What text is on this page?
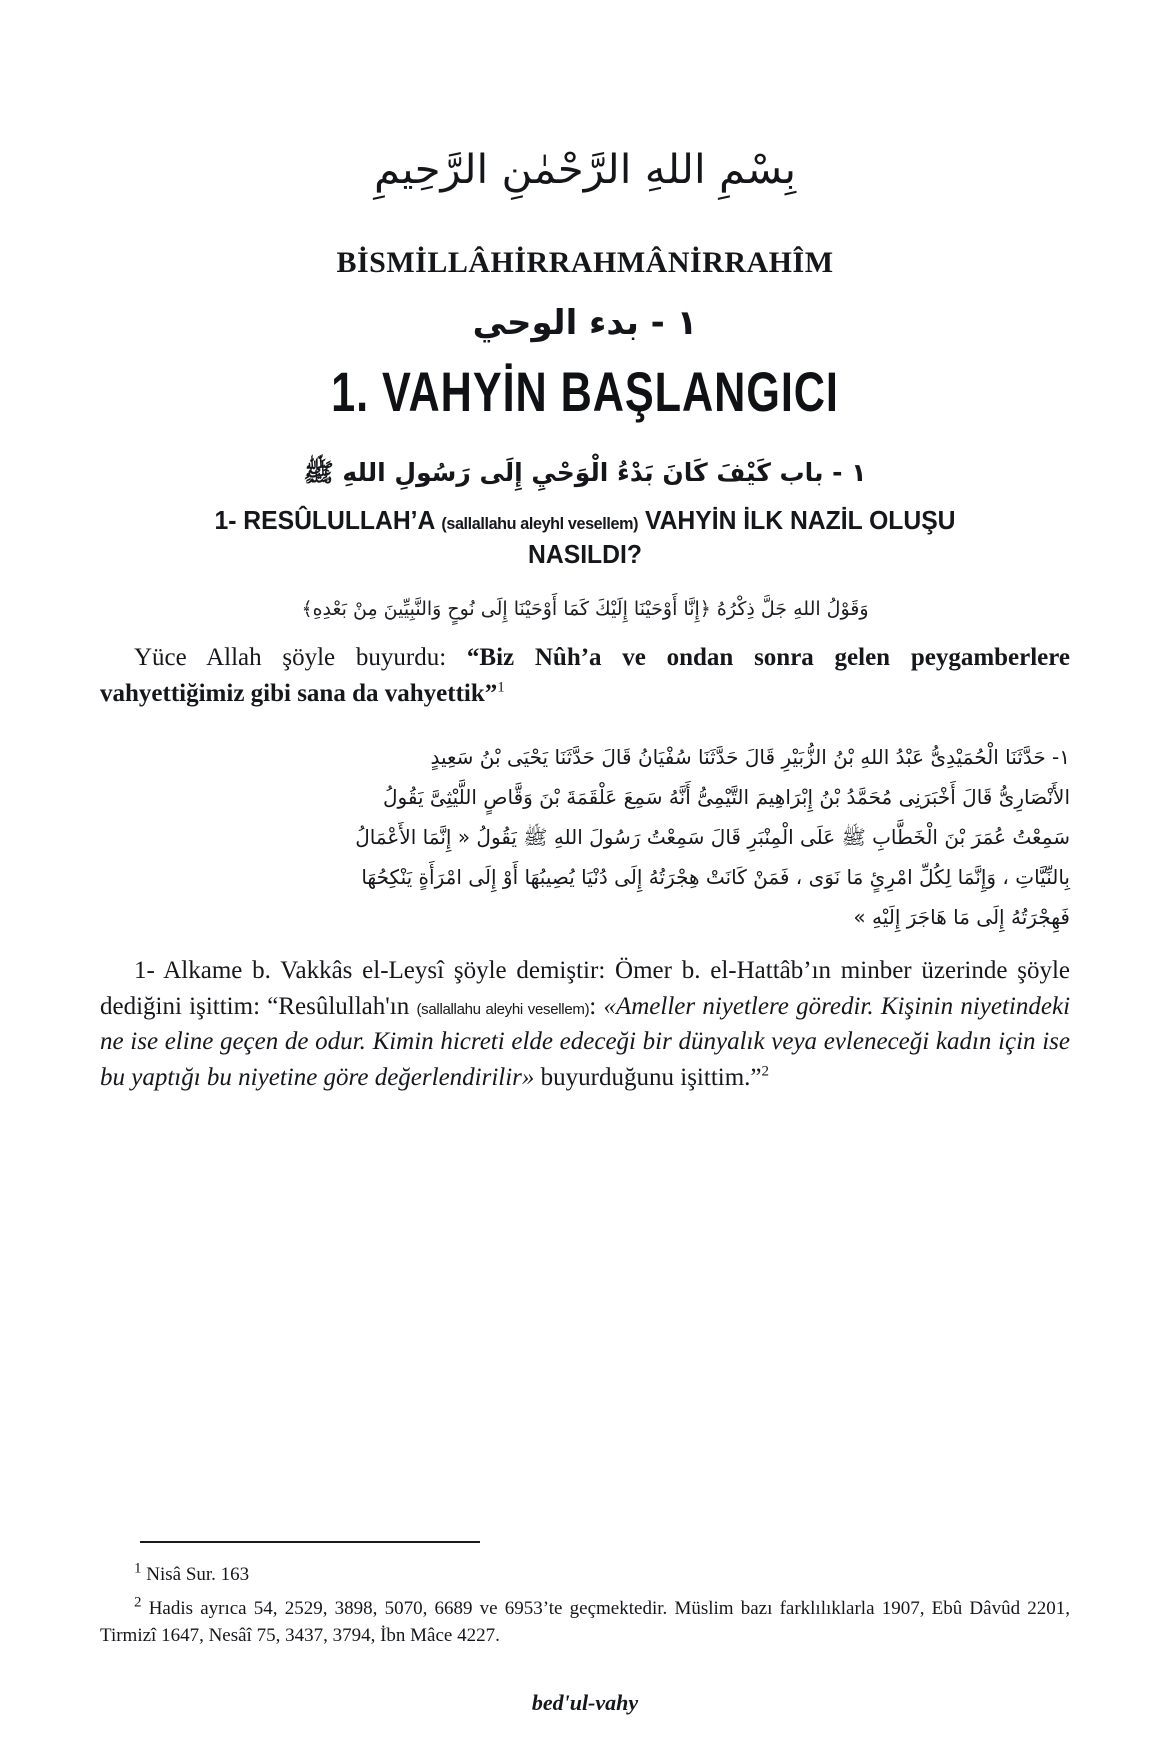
بِسْمِ اللهِ الرَّحْمٰنِ الرَّحِيمِ
BİSMİLLÂHİRRAHMÂNİRRAHÎM
١ - بدء الوحي
1. VAHYİN BAŞLANGICI
١ - باب كَيْفَ كَانَ بَدْءُ الْوَحْيِ إِلَى رَسُولِ اللهِ ﷺ
1- RESÛLULLAH’A (sallallahu aleyhl vesellem) VAHYİN İLK NAZİL OLUŞU
NASILDI?
وَقَوْلُ اللهِ جَلَّ ذِكْرُهُ ﴿إِنَّا أَوْحَيْنَا إِلَيْكَ كَمَا أَوْحَيْنَا إِلَى نُوحٍ وَالنَّبِيِّينَ مِنْ بَعْدِهِ﴾

Yüce Allah şöyle buyurdu: “Biz Nûh’a ve ondan sonra gelen peygamberlere vahyettiğimiz gibi sana da vahyettik”$^1$

١- حَدَّثَنَا الْحُمَيْدِىُّ عَبْدُ اللهِ بْنُ الزُّبَيْرِ قَالَ حَدَّثَنَا سُفْيَانُ قَالَ حَدَّثَنَا يَحْيَى بْنُ سَعِيدٍ
الأَنْصَارِىُّ قَالَ أَخْبَرَنِى مُحَمَّدُ بْنُ إِبْرَاهِيمَ التَّيْمِىُّ أَنَّهُ سَمِعَ عَلْقَمَةَ بْنَ وَقَّاصٍ اللَّيْثِىَّ يَقُولُ
سَمِعْتُ عُمَرَ بْنَ الْخَطَّابِ ﷺ عَلَى الْمِنْبَرِ قَالَ سَمِعْتُ رَسُولَ اللهِ ﷺ يَقُولُ « إِنَّمَا الأَعْمَالُ
بِالنِّيَّاتِ ، وَإِنَّمَا لِكُلِّ امْرِئٍ مَا نَوَى ، فَمَنْ كَانَتْ هِجْرَتُهُ إِلَى دُنْيَا يُصِيبُهَا أَوْ إِلَى امْرَأَةٍ يَنْكِحُهَا
فَهِجْرَتُهُ إِلَى مَا هَاجَرَ إِلَيْهِ »

1- Alkame b. Vakkâs el-Leysî şöyle demiştir: Ömer b. el-Hattâb’ın minber üzerinde şöyle dediğini işittim: “Resûlullah'ın (sallallahu aleyhi vesellem): «Ameller niyetlere göredir. Kişinin niyetindeki ne ise eline geçen de odur. Kimin hicreti elde edeceği bir dünyalık veya evleneceği kadın için ise bu yaptığı bu niyetine göre değerlendirilir» buyurduğunu işittim.”$^2$

$^1$ Nisâ Sur. 163

$^2$ Hadis ayrıca 54, 2529, 3898, 5070, 6689 ve 6953’te geçmektedir. Müslim bazı farklılıklarla 1907, Ebû Dâvûd 2201, Tirmizî 1647, Nesâî 75, 3437, 3794, İbn Mâce 4227.

bed'ul-vahy
